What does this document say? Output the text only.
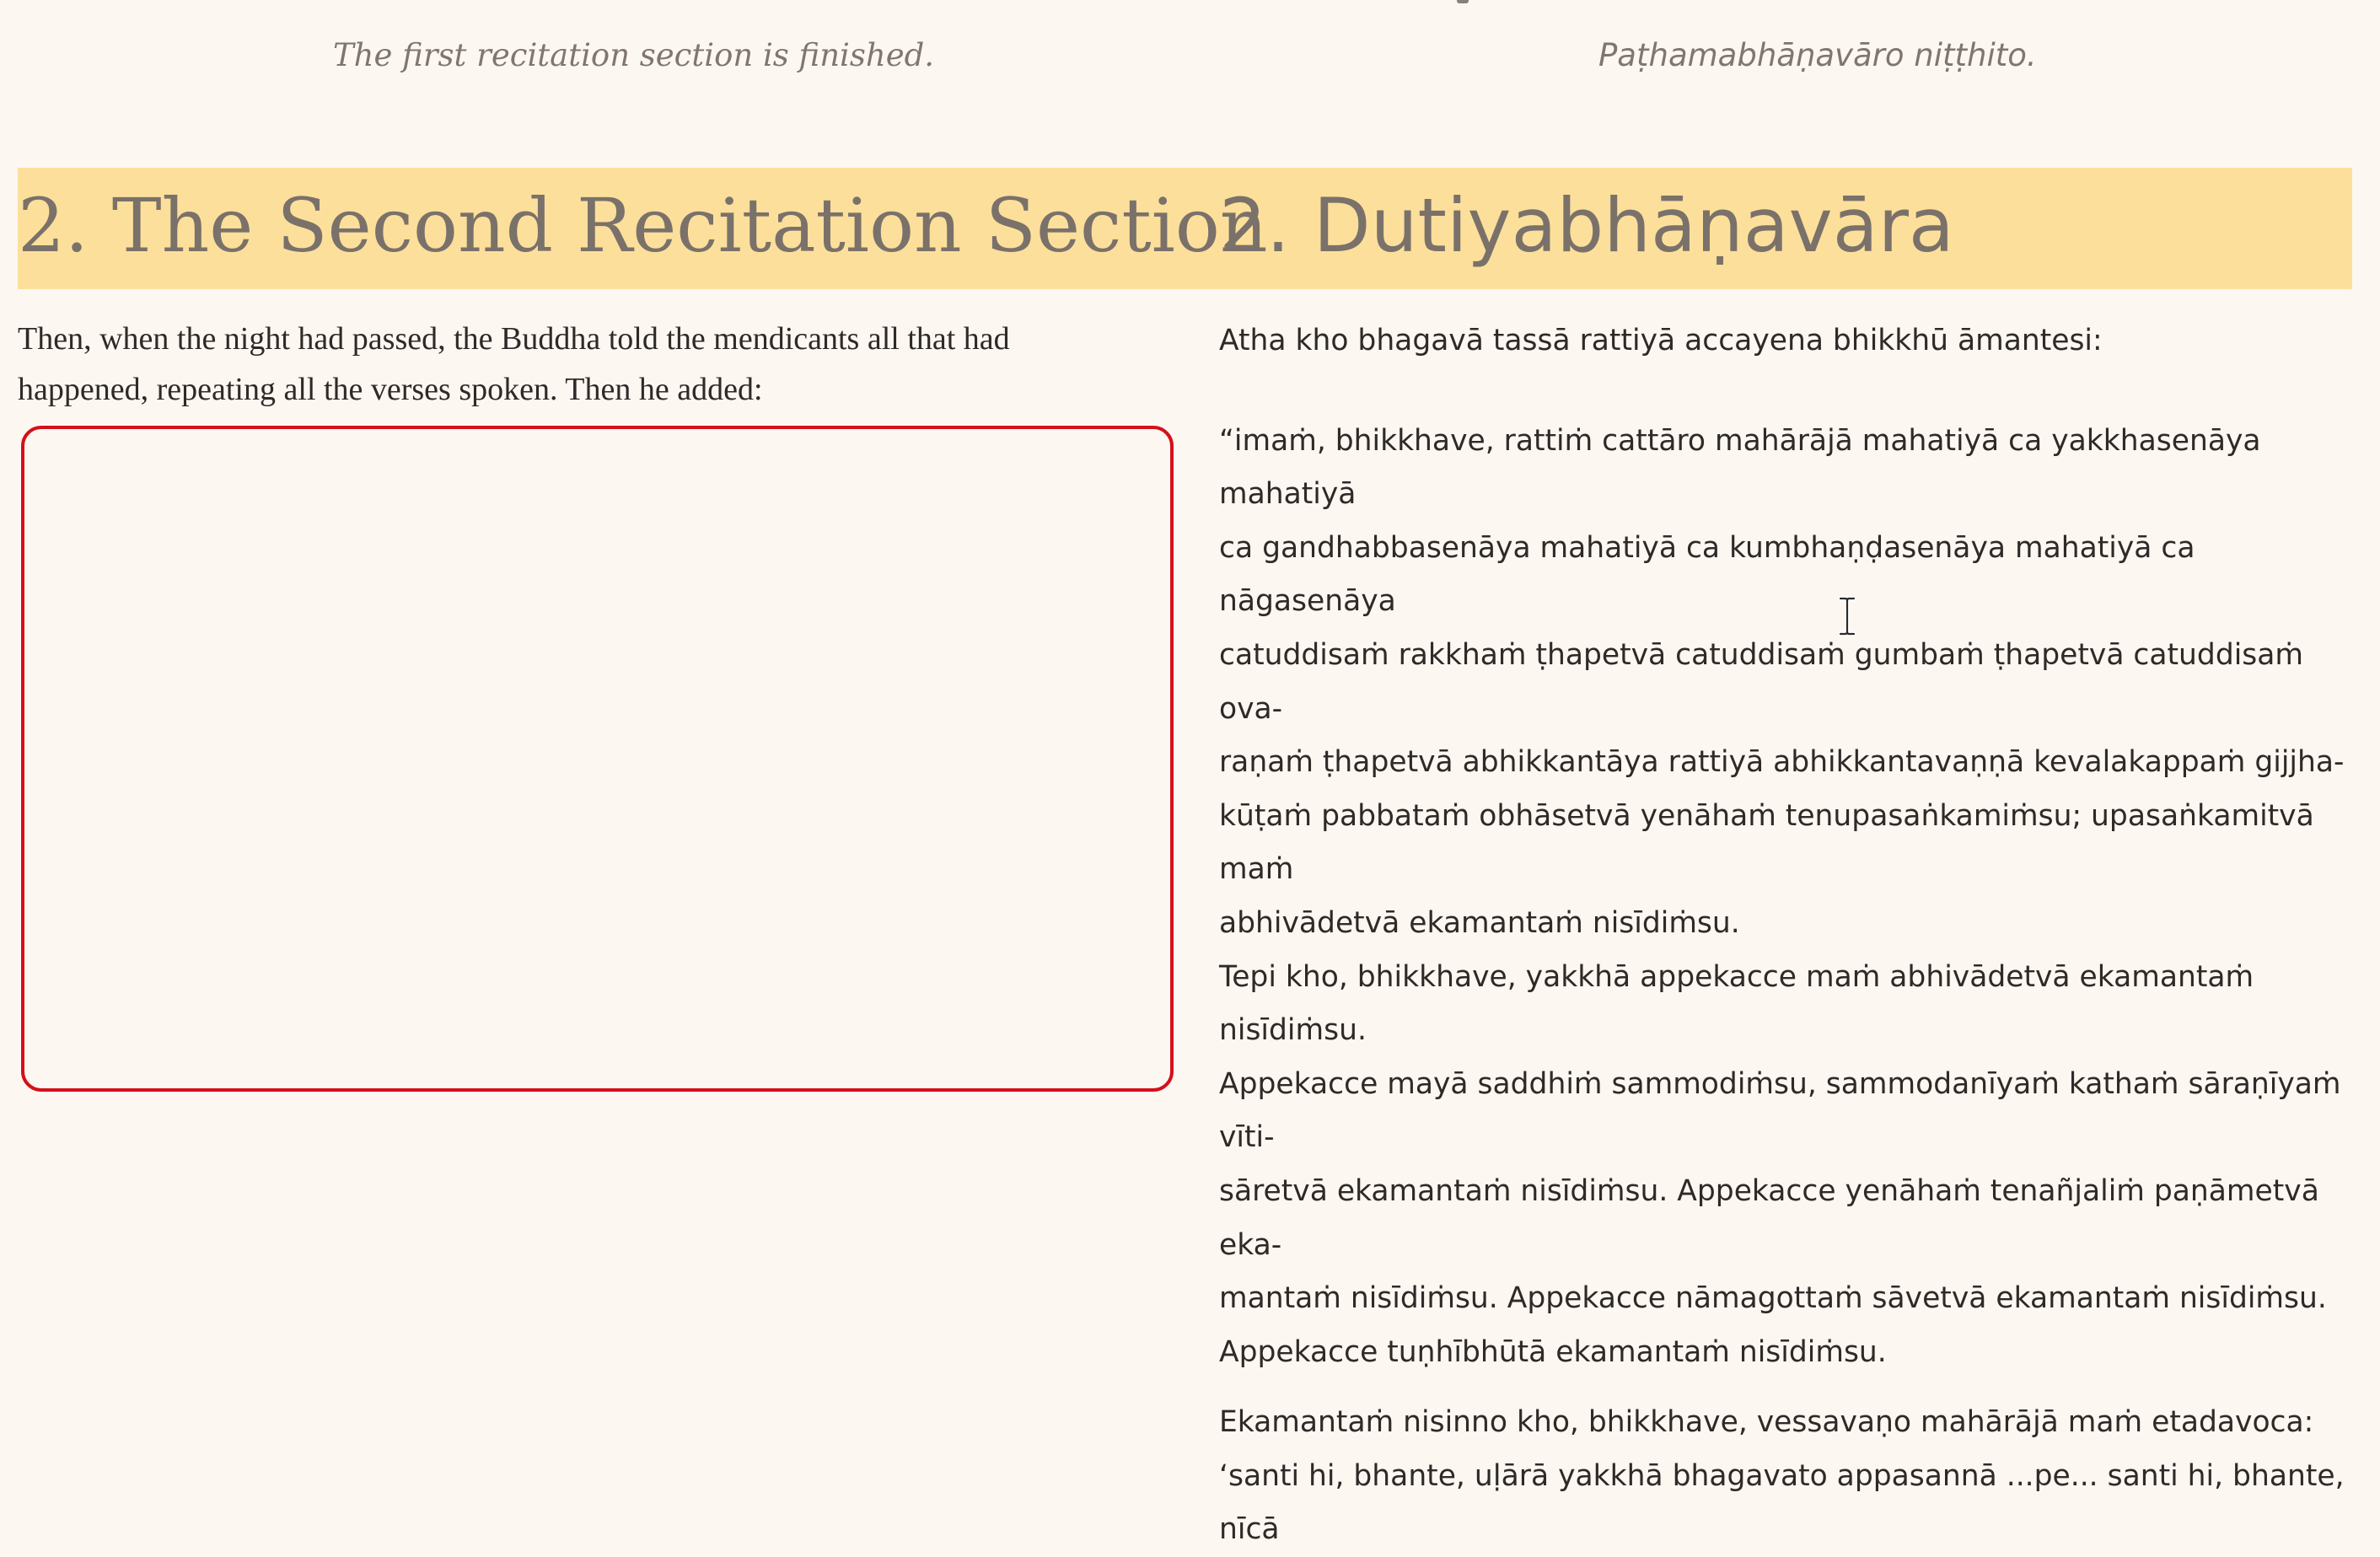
The first recitation section is finished.	Paṭhamabhāṇavāro niṭṭhito.
2. The Second Recitation Section
2. Dutiyabhāṇavāra
Then, when the night had passed, the Buddha told the mendicants all that had
happened, repeating all the verses spoken. Then he added:

Atha kho bhagavā tassā rattiyā accayena bhikkhū āmantesi:

“imaṁ, bhikkhave, rattiṁ cattāro mahārājā mahatiyā ca yakkhasenāya mahatiyā
ca gandhabbasenāya mahatiyā ca kumbhaṇḍasenāya mahatiyā ca nāgasenāya
catuddisaṁ rakkhaṁ ṭhapetvā catuddisaṁ gumbaṁ ṭhapetvā catuddisaṁ ova-
raṇaṁ ṭhapetvā abhikkantāya rattiyā abhikkantavaṇṇā kevalakappaṁ gijjha-
kūṭaṁ pabbataṁ obhāsetvā yenāhaṁ tenupasaṅkamiṁsu; upasaṅkamitvā maṁ
abhivādetvā ekamantaṁ nisīdiṁsu.
Tepi kho, bhikkhave, yakkhā appekacce maṁ abhivādetvā ekamantaṁ nisīdiṁsu.
Appekacce mayā saddhiṁ sammodiṁsu, sammodanīyaṁ kathaṁ sāraṇīyaṁ vīti-
sāretvā ekamantaṁ nisīdiṁsu. Appekacce yenāhaṁ tenañjaliṁ paṇāmetvā eka-
mantaṁ nisīdiṁsu. Appekacce nāmagottaṁ sāvetvā ekamantaṁ nisīdiṁsu.
Appekacce tuṇhībhūtā ekamantaṁ nisīdiṁsu.
Ekamantaṁ nisinno kho, bhikkhave, vessavaṇo mahārājā maṁ etadavoca:
‘santi hi, bhante, uḷārā yakkhā bhagavato appasannā ...pe... santi hi, bhante, nīcā
